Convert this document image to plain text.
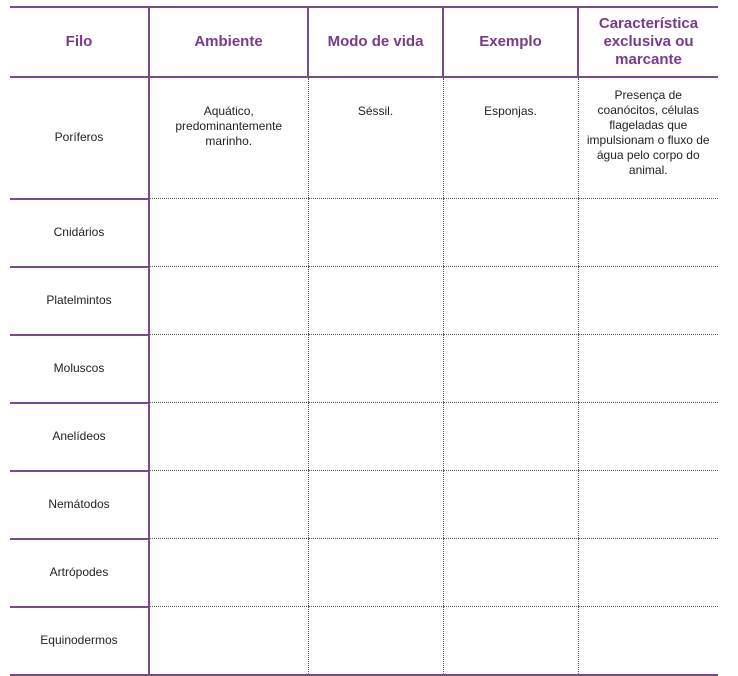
Filo	Ambiente	Modo de vida	Exemplo	Característica exclusiva ou marcante
Poríferos	Aquático, predominantemente marinho.	Séssil.	Esponjas.	Presença de coanócitos, células flageladas que impulsionam o fluxo de água pelo corpo do animal.
Cnidários				
Platelmintos				
Moluscos				
Anelídeos				
Nemátodos				
Artrópodes				
Equinodermos				
